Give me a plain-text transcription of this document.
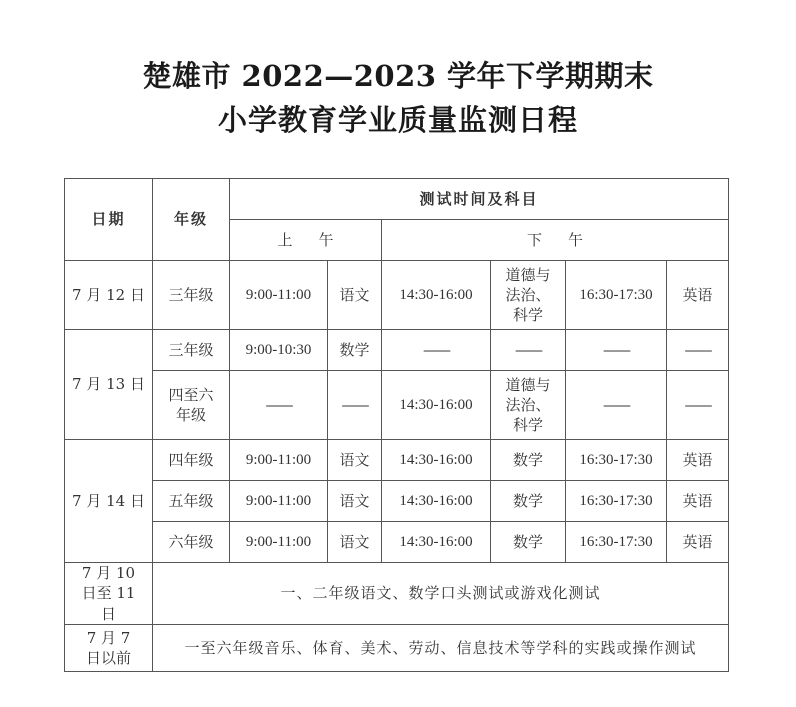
楚雄市 2022—2023 学年下学期期末
小学教育学业质量监测日程
日期	年级	测试时间及科目					
		上午		下午			
7 月 12 日	三年级	9:00-11:00	语文	14:30-16:00	道德与法治、科学	16:30-17:30	英语
7 月 13 日	三年级	9:00-10:30	数学	——	——	——	——
	四至六年级	——	——	14:30-16:00	道德与法治、科学	——	——
7 月 14 日	四年级	9:00-11:00	语文	14:30-16:00	数学	16:30-17:30	英语
	五年级	9:00-11:00	语文	14:30-16:00	数学	16:30-17:30	英语
	六年级	9:00-11:00	语文	14:30-16:00	数学	16:30-17:30	英语
7 月 10 日至 11 日	一、二年级语文、数学口头测试或游戏化测试						
7 月 7 日以前	一至六年级音乐、体育、美术、劳动、信息技术等学科的实践或操作测试						
